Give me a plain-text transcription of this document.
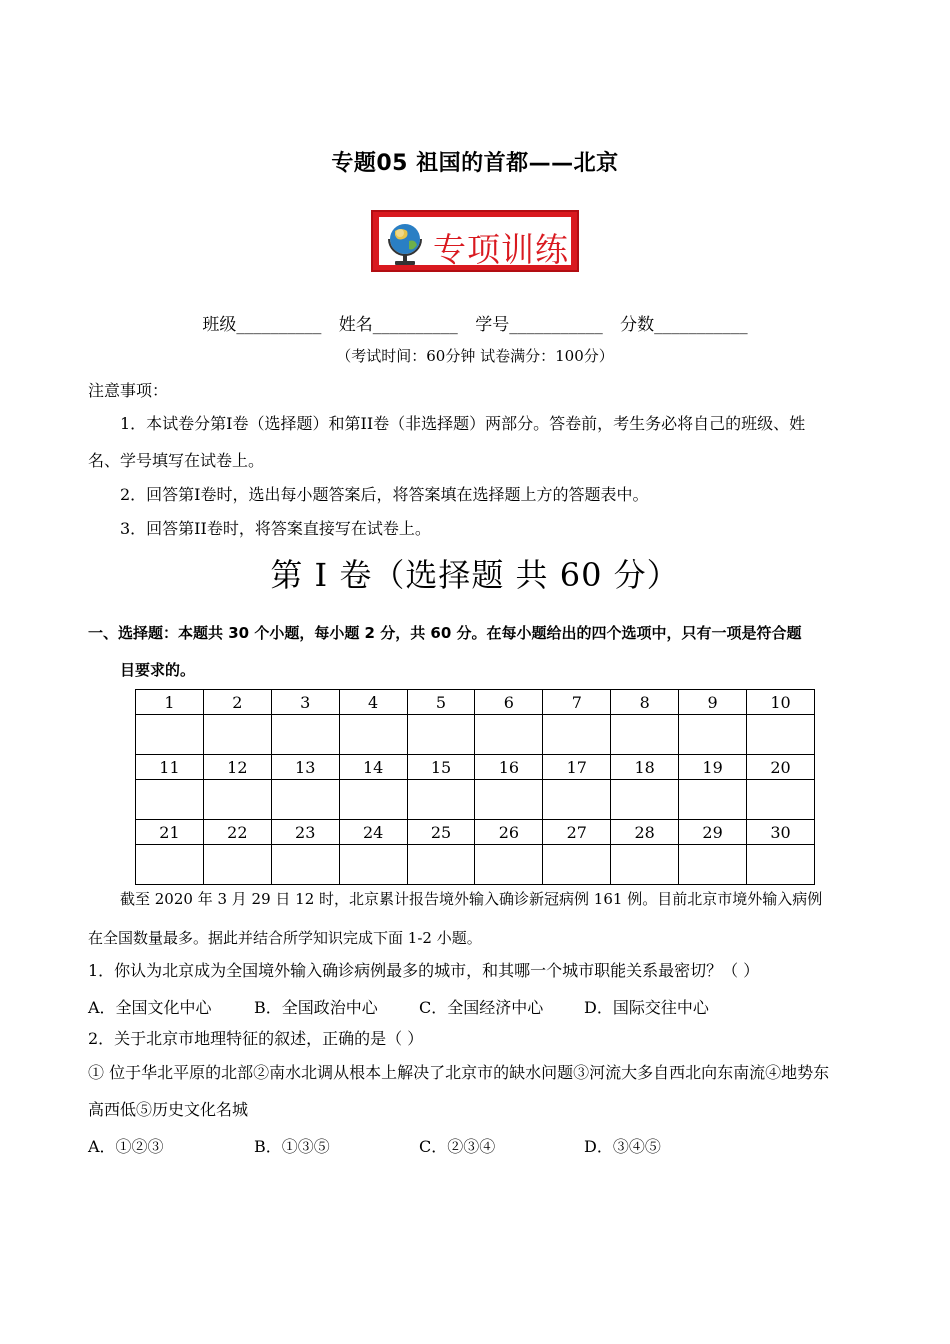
专题05 祖国的首都——北京
专项训练
班级__________ 姓名__________ 学号___________ 分数___________
（考试时间：60分钟 试卷满分：100分）
注意事项：
1．本试卷分第I卷（选择题）和第II卷（非选择题）两部分。答卷前，考生务必将自己的班级、姓
名、学号填写在试卷上。
2．回答第I卷时，选出每小题答案后，将答案填在选择题上方的答题表中。
3．回答第II卷时，将答案直接写在试卷上。
第 I 卷（选择题 共 60 分）
一、选择题：本题共 30 个小题，每小题 2 分，共 60 分。在每小题给出的四个选项中，只有一项是符合题
目要求的。
1	2	3	4	5	6	7	8	9	10

11	12	13	14	15	16	17	18	19	20

21	22	23	24	25	26	27	28	29	30

截至 2020 年 3 月 29 日 12 时，北京累计报告境外输入确诊新冠病例 161 例。目前北京市境外输入病例
在全国数量最多。据此并结合所学知识完成下面 1-2 小题。
1．你认为北京成为全国境外输入确诊病例最多的城市，和其哪一个城市职能关系最密切？（ ）
A．全国文化中心	B．全国政治中心	C．全国经济中心	D．国际交往中心
2．关于北京市地理特征的叙述，正确的是（ ）
① 位于华北平原的北部②南水北调从根本上解决了北京市的缺水问题③河流大多自西北向东南流④地势东
高西低⑤历史文化名城
A．①②③	B．①③⑤	C．②③④	D．③④⑤
